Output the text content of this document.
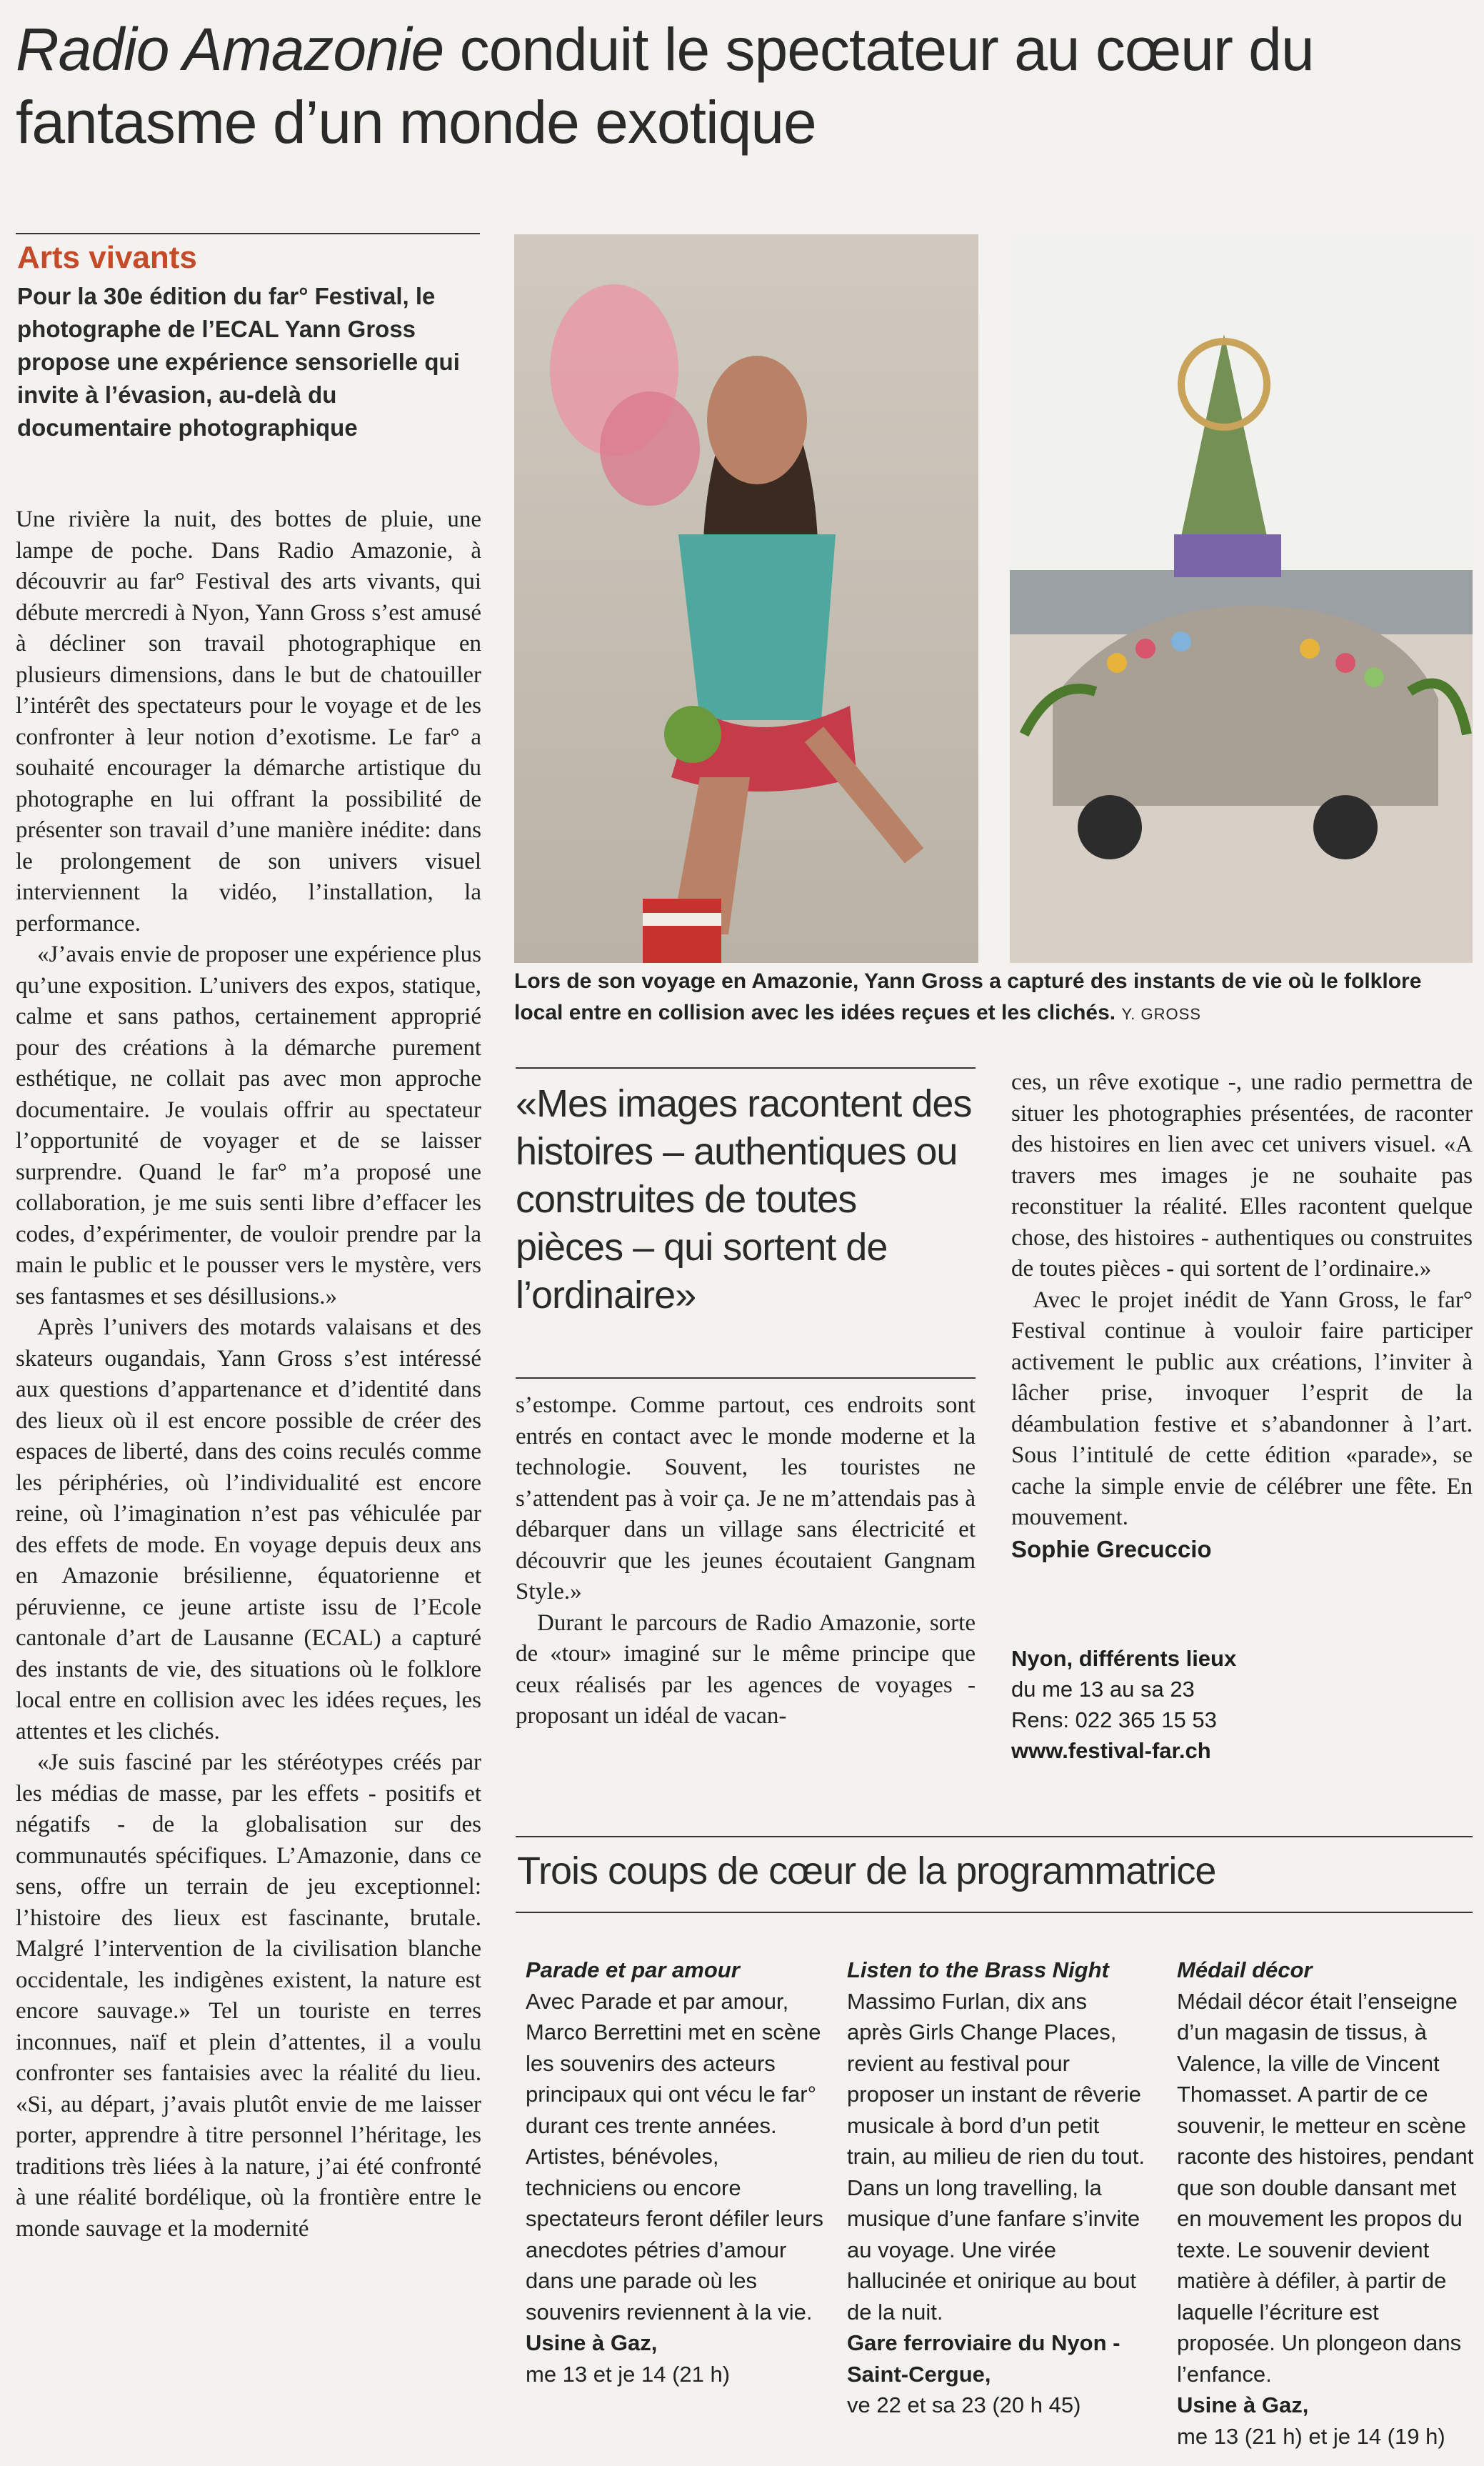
Radio Amazonie conduit le spectateur au cœur du fantasme d’un monde exotique
Arts vivants
Pour la 30e édition du far° Festival, le photographe de l’ECAL Yann Gross propose une expérience sensorielle qui invite à l’évasion, au-delà du documentaire photographique

Une rivière la nuit, des bottes de pluie, une lampe de poche. Dans Radio Amazonie, à découvrir au far° Festival des arts vivants, qui débute mercredi à Nyon, Yann Gross s’est amusé à décliner son travail photographique en plusieurs dimensions, dans le but de chatouiller l’intérêt des spectateurs pour le voyage et de les confronter à leur notion d’exotisme. Le far° a souhaité encourager la démarche artistique du photographe en lui offrant la possibilité de présenter son travail d’une manière inédite: dans le prolongement de son univers visuel interviennent la vidéo, l’installation, la performance.

«J’avais envie de proposer une expérience plus qu’une exposition. L’univers des expos, statique, calme et sans pathos, certainement approprié pour des créations à la démarche purement esthétique, ne collait pas avec mon approche documentaire. Je voulais offrir au spectateur l’opportunité de voyager et de se laisser surprendre. Quand le far° m’a proposé une collaboration, je me suis senti libre d’effacer les codes, d’expérimenter, de vouloir prendre par la main le public et le pousser vers le mystère, vers ses fantasmes et ses désillusions.»

Après l’univers des motards valaisans et des skateurs ougandais, Yann Gross s’est intéressé aux questions d’appartenance et d’identité dans des lieux où il est encore possible de créer des espaces de liberté, dans des coins reculés comme les périphéries, où l’individualité est encore reine, où l’imagination n’est pas véhiculée par des effets de mode. En voyage depuis deux ans en Amazonie brésilienne, équatorienne et péruvienne, ce jeune artiste issu de l’Ecole cantonale d’art de Lausanne (ECAL) a capturé des instants de vie, des situations où le folklore local entre en collision avec les idées reçues, les attentes et les clichés.

«Je suis fasciné par les stéréotypes créés par les médias de masse, par les effets - positifs et négatifs - de la globalisation sur des communautés spécifiques. L’Amazonie, dans ce sens, offre un terrain de jeu exceptionnel: l’histoire des lieux est fascinante, brutale. Malgré l’intervention de la civilisation blanche occidentale, les indigènes existent, la nature est encore sauvage.» Tel un touriste en terres inconnues, naïf et plein d’attentes, il a voulu confronter ses fantaisies avec la réalité du lieu. «Si, au départ, j’avais plutôt envie de me laisser porter, apprendre à titre personnel l’héritage, les traditions très liées à la nature, j’ai été confronté à une réalité bordélique, où la frontière entre le monde sauvage et la modernité

Lors de son voyage en Amazonie, Yann Gross a capturé des instants de vie où le folklore local entre en collision avec les idées reçues et les clichés. Y. GROSS
«Mes images racontent des histoires – authentiques ou construites de toutes pièces – qui sortent de l’ordinaire»

s’estompe. Comme partout, ces endroits sont entrés en contact avec le monde moderne et la technologie. Souvent, les touristes ne s’attendent pas à voir ça. Je ne m’attendais pas à débarquer dans un village sans électricité et découvrir que les jeunes écoutaient Gangnam Style.»

Durant le parcours de Radio Amazonie, sorte de «tour» imaginé sur le même principe que ceux réalisés par les agences de voyages - proposant un idéal de vacan-

ces, un rêve exotique -, une radio permettra de situer les photographies présentées, de raconter des histoires en lien avec cet univers visuel. «A travers mes images je ne souhaite pas reconstituer la réalité. Elles racontent quelque chose, des histoires - authentiques ou construites de toutes pièces - qui sortent de l’ordinaire.»

Avec le projet inédit de Yann Gross, le far° Festival continue à vouloir faire participer activement le public aux créations, l’inviter à lâcher prise, invoquer l’esprit de la déambulation festive et s’abandonner à l’art. Sous l’intitulé de cette édition «parade», se cache la simple envie de célébrer une fête. En mouvement.

Sophie Grecuccio

Nyon, différents lieux
du me 13 au sa 23
Rens: 022 365 15 53
www.festival-far.ch
Trois coups de cœur de la programmatrice
Parade et par amour
Avec Parade et par amour, Marco Berrettini met en scène les souvenirs des acteurs principaux qui ont vécu le far° durant ces trente années. Artistes, bénévoles, techniciens ou encore spectateurs feront défiler leurs anecdotes pétries d’amour dans une parade où les souvenirs reviennent à la vie.
Usine à Gaz,
me 13 et je 14 (21 h)
Listen to the Brass Night
Massimo Furlan, dix ans après Girls Change Places, revient au festival pour proposer un instant de rêverie musicale à bord d’un petit train, au milieu de rien du tout. Dans un long travelling, la musique d’une fanfare s’invite au voyage. Une virée hallucinée et onirique au bout de la nuit.
Gare ferroviaire du Nyon - Saint-Cergue,
ve 22 et sa 23 (20 h 45)
Médail décor
Médail décor était l’enseigne d’un magasin de tissus, à Valence, la ville de Vincent Thomasset. A partir de ce souvenir, le metteur en scène raconte des histoires, pendant que son double dansant met en mouvement les propos du texte. Le souvenir devient matière à défiler, à partir de laquelle l’écriture est proposée. Un plongeon dans l’enfance.
Usine à Gaz,
me 13 (21 h) et je 14 (19 h)
